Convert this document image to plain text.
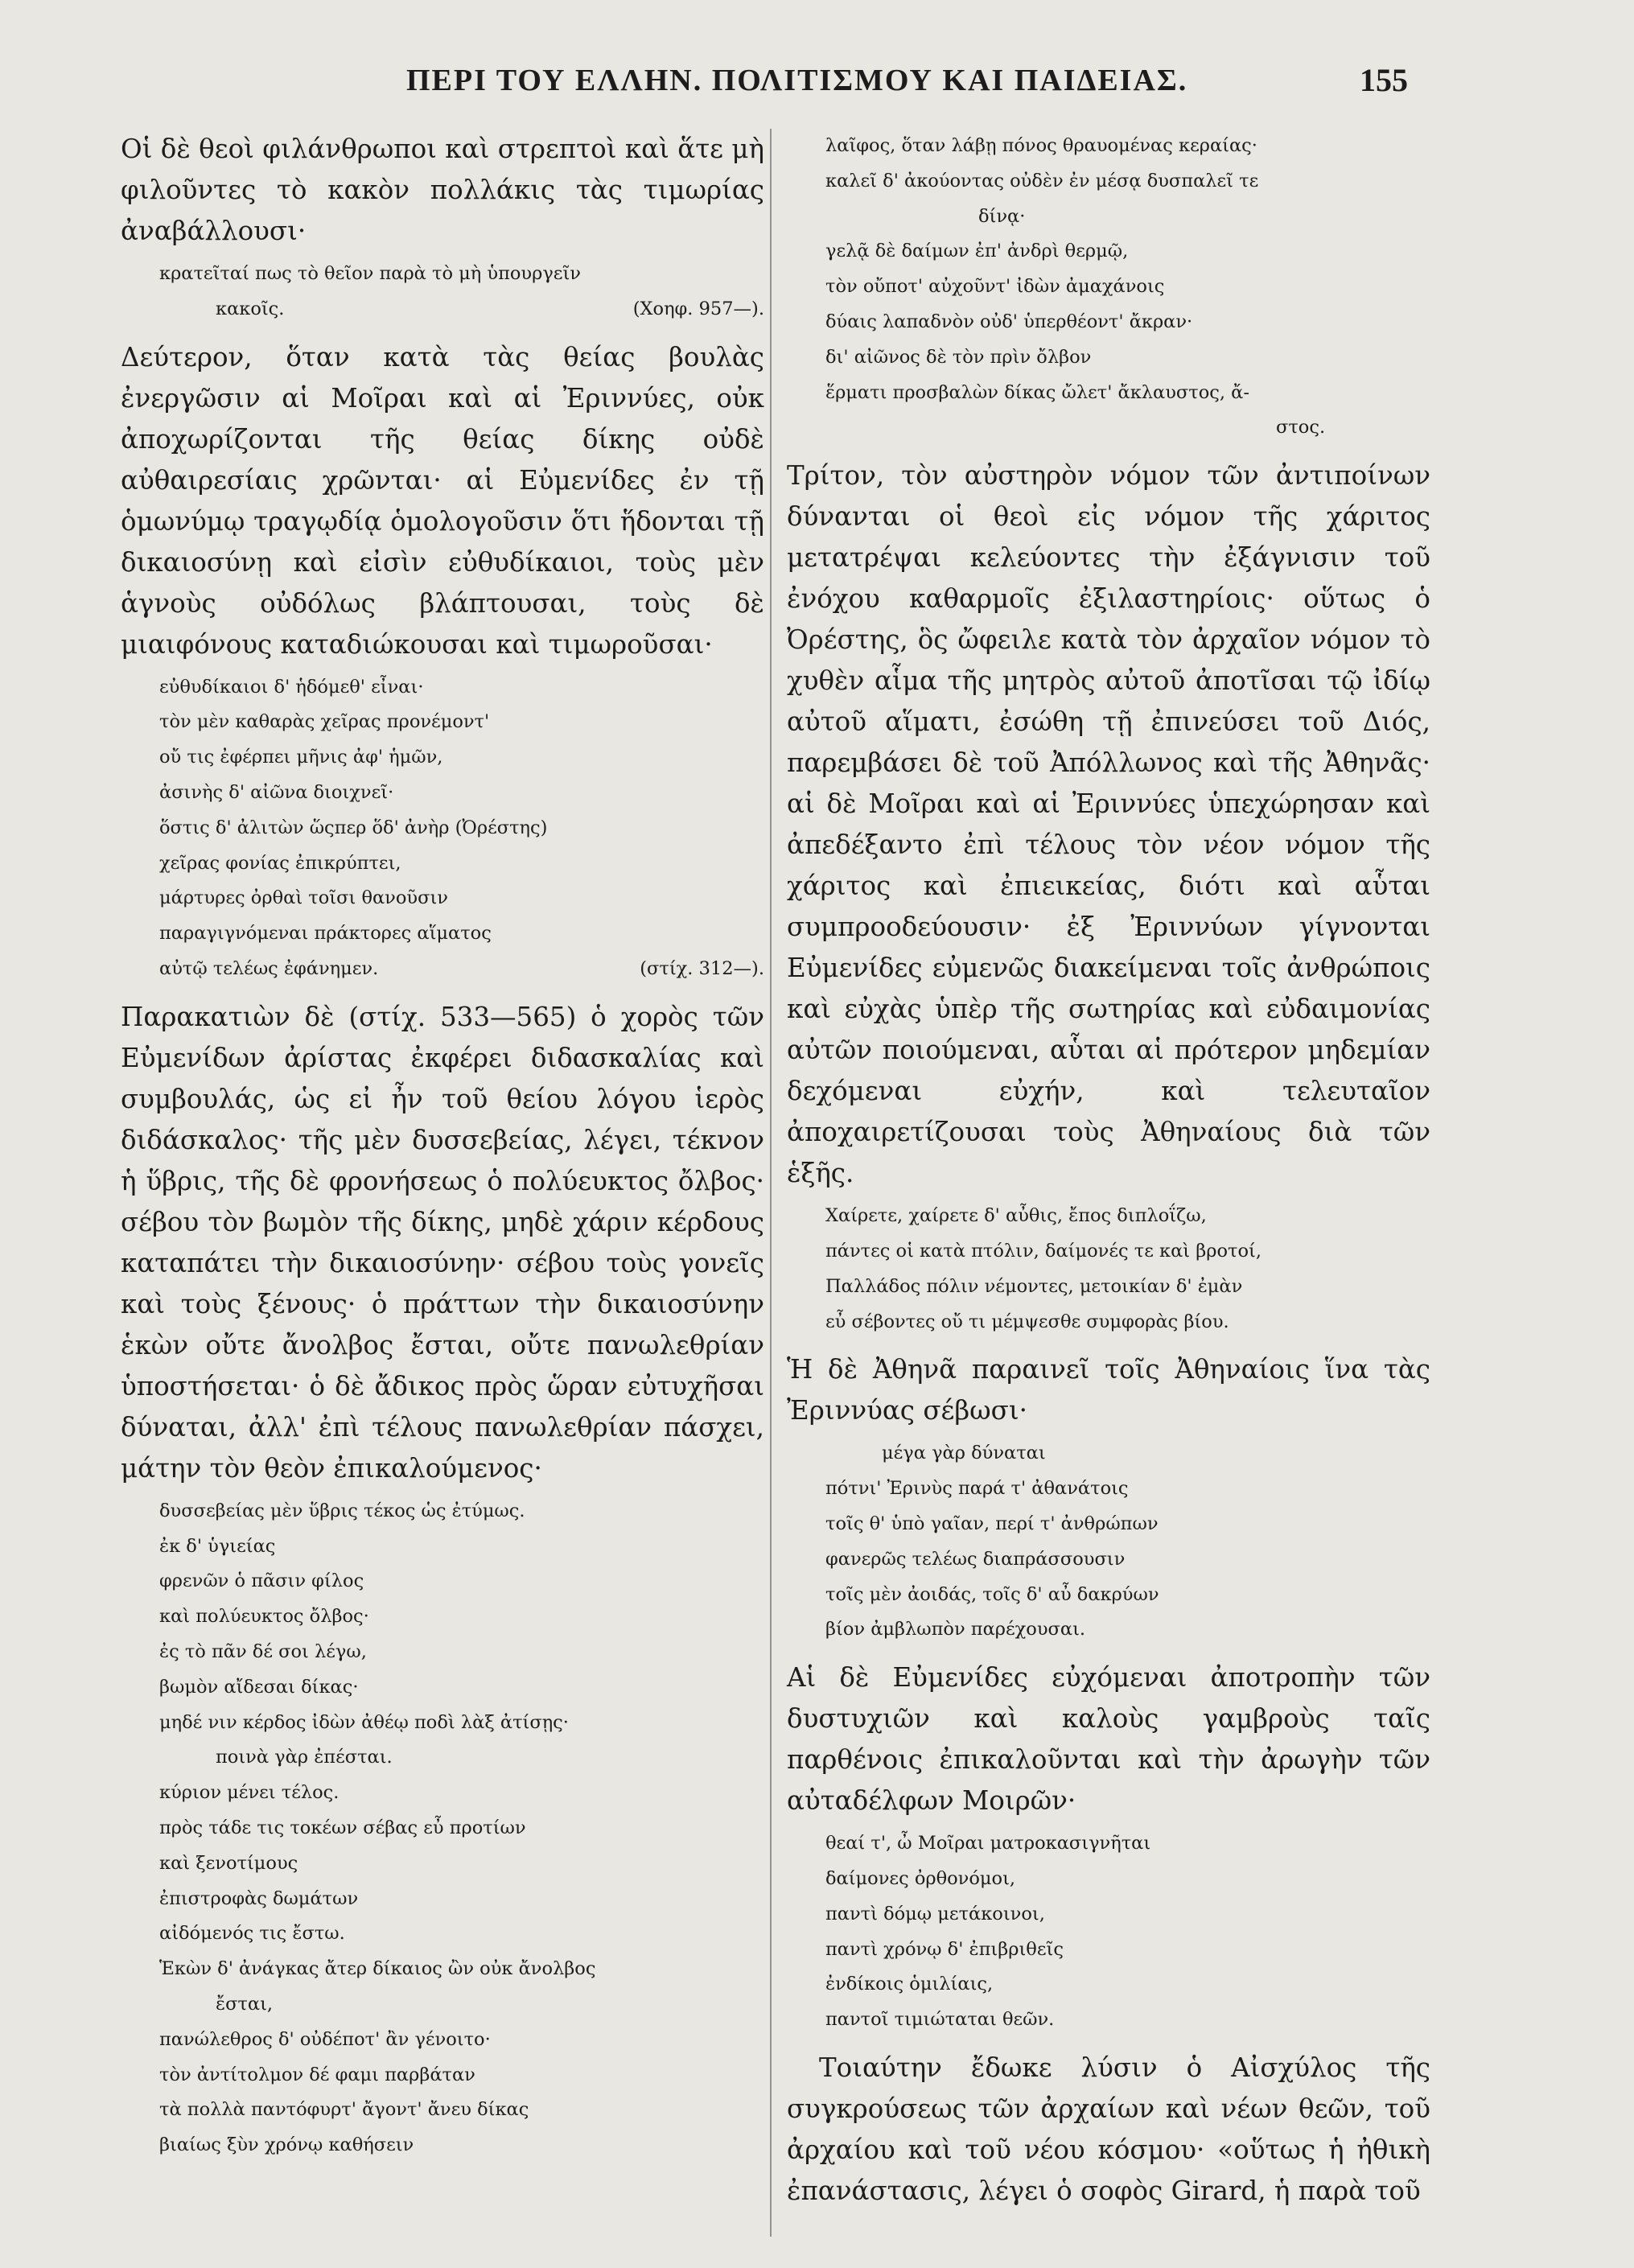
ΠΕΡΙ ΤΟΥ ΕΛΛΗΝ. ΠΟΛΙΤΙΣΜΟΥ ΚΑΙ ΠΑΙΔΕΙΑΣ.	155

Οἱ δὲ θεοὶ φιλάνθρωποι καὶ στρεπτοὶ καὶ ἅτε μὴ φιλοῦντες τὸ κακὸν πολλάκις τὰς τιμωρίας ἀναβάλλουσι·

κρατεῖταί πως τὸ θεῖον παρὰ τὸ μὴ ὑπουργεῖν
κακοῖς.	(Χοηφ. 957—).

Δεύτερον, ὅταν κατὰ τὰς θείας βουλὰς ἐνεργῶσιν αἱ Μοῖραι καὶ αἱ Ἐριννύες, οὐκ ἀποχωρίζονται τῆς θείας δίκης οὐδὲ αὐθαιρεσίαις χρῶνται· αἱ Εὐμενίδες ἐν τῇ ὁμωνύμῳ τραγῳδίᾳ ὁμολογοῦσιν ὅτι ἥδονται τῇ δικαιοσύνῃ καὶ εἰσὶν εὐθυδίκαιοι, τοὺς μὲν ἁγνοὺς οὐδόλως βλάπτουσαι, τοὺς δὲ μιαιφόνους καταδιώκουσαι καὶ τιμωροῦσαι·

εὐθυδίκαιοι δ' ἡδόμεθ' εἶναι·
τὸν μὲν καθαρὰς χεῖρας προνέμοντ'
οὔ τις ἐφέρπει μῆνις ἀφ' ἡμῶν,
ἀσινὴς δ' αἰῶνα διοιχνεῖ·
ὅστις δ' ἀλιτὼν ὥςπερ ὅδ' ἀνὴρ (Ὀρέστης)
χεῖρας φονίας ἐπικρύπτει,
μάρτυρες ὀρθαὶ τοῖσι θανοῦσιν
παραγιγνόμεναι πράκτορες αἵματος
αὐτῷ τελέως ἐφάνημεν.	(στίχ. 312—).

Παρακατιὼν δὲ (στίχ. 533—565) ὁ χορὸς τῶν Εὐμενίδων ἀρίστας ἐκφέρει διδασκαλίας καὶ συμβουλάς, ὡς εἰ ἦν τοῦ θείου λόγου ἱερὸς διδάσκαλος· τῆς μὲν δυσσεβείας, λέγει, τέκνον ἡ ὕβρις, τῆς δὲ φρονήσεως ὁ πολύευκτος ὄλβος· σέβου τὸν βωμὸν τῆς δίκης, μηδὲ χάριν κέρδους καταπάτει τὴν δικαιοσύνην· σέβου τοὺς γονεῖς καὶ τοὺς ξένους· ὁ πράττων τὴν δικαιοσύνην ἑκὼν οὔτε ἄνολβος ἔσται, οὔτε πανωλεθρίαν ὑποστήσεται· ὁ δὲ ἄδικος πρὸς ὥραν εὐτυχῆσαι δύναται, ἀλλ' ἐπὶ τέλους πανωλεθρίαν πάσχει, μάτην τὸν θεὸν ἐπικαλούμενος·

δυσσεβείας μὲν ὕβρις τέκος ὡς ἐτύμως.
ἐκ δ' ὑγιείας
φρενῶν ὁ πᾶσιν φίλος
καὶ πολύευκτος ὄλβος·
ἐς τὸ πᾶν δέ σοι λέγω,
βωμὸν αἴδεσαι δίκας·
μηδέ νιν κέρδος ἰδὼν ἀθέῳ ποδὶ λὰξ ἀτίσῃς·
ποινὰ γὰρ ἐπέσται.
κύριον μένει τέλος.
πρὸς τάδε τις τοκέων σέβας εὖ προτίων
καὶ ξενοτίμους
ἐπιστροφὰς δωμάτων
αἰδόμενός τις ἔστω.
Ἑκὼν δ' ἀνάγκας ἄτερ δίκαιος ὢν οὐκ ἄνολβος
ἔσται,
πανώλεθρος δ' οὐδέποτ' ἂν γένοιτο·
τὸν ἀντίτολμον δέ φαμι παρβάταν
τὰ πολλὰ παντόφυρτ' ἄγοντ' ἄνευ δίκας
βιαίως ξὺν χρόνῳ καθήσειν
λαῖφος, ὅταν λάβῃ πόνος θραυομένας κεραίας·
καλεῖ δ' ἀκούοντας οὐδὲν ἐν μέσᾳ δυσπαλεῖ τε
δίνᾳ·
γελᾷ δὲ δαίμων ἐπ' ἀνδρὶ θερμῷ,
τὸν οὔποτ' αὐχοῦντ' ἰδὼν ἀμαχάνοις
δύαις λαπαδνὸν οὐδ' ὑπερθέοντ' ἄκραν·
δι' αἰῶνος δὲ τὸν πρὶν ὄλβον
ἕρματι προσβαλὼν δίκας ὤλετ' ἄκλαυστος, ἄ-
στος.

Τρίτον, τὸν αὐστηρὸν νόμον τῶν ἀντιποίνων δύνανται οἱ θεοὶ εἰς νόμον τῆς χάριτος μετατρέψαι κελεύοντες τὴν ἐξάγνισιν τοῦ ἐνόχου καθαρμοῖς ἐξιλαστηρίοις· οὕτως ὁ Ὀρέστης, ὃς ὤφειλε κατὰ τὸν ἀρχαῖον νόμον τὸ χυθὲν αἷμα τῆς μητρὸς αὐτοῦ ἀποτῖσαι τῷ ἰδίῳ αὐτοῦ αἵματι, ἐσώθη τῇ ἐπινεύσει τοῦ Διός, παρεμβάσει δὲ τοῦ Ἀπόλλωνος καὶ τῆς Ἀθηνᾶς· αἱ δὲ Μοῖραι καὶ αἱ Ἐριννύες ὑπεχώρησαν καὶ ἀπεδέξαντο ἐπὶ τέλους τὸν νέον νόμον τῆς χάριτος καὶ ἐπιεικείας, διότι καὶ αὗται συμπροοδεύουσιν· ἐξ Ἐριννύων γίγνονται Εὐμενίδες εὐμενῶς διακείμεναι τοῖς ἀνθρώποις καὶ εὐχὰς ὑπὲρ τῆς σωτηρίας καὶ εὐδαιμονίας αὐτῶν ποιούμεναι, αὗται αἱ πρότερον μηδεμίαν δεχόμεναι εὐχήν, καὶ τελευταῖον ἀποχαιρετίζουσαι τοὺς Ἀθηναίους διὰ τῶν ἑξῆς.

Χαίρετε, χαίρετε δ' αὖθις, ἔπος διπλοΐζω,
πάντες οἱ κατὰ πτόλιν, δαίμονές τε καὶ βροτοί,
Παλλάδος πόλιν νέμοντες, μετοικίαν δ' ἐμὰν
εὖ σέβοντες οὔ τι μέμψεσθε συμφορὰς βίου.

Ἡ δὲ Ἀθηνᾶ παραινεῖ τοῖς Ἀθηναίοις ἵνα τὰς Ἐριννύας σέβωσι·

μέγα γὰρ δύναται
πότνι' Ἐρινὺς παρά τ' ἀθανάτοις
τοῖς θ' ὑπὸ γαῖαν, περί τ' ἀνθρώπων
φανερῶς τελέως διαπράσσουσιν
τοῖς μὲν ἀοιδάς, τοῖς δ' αὖ δακρύων
βίον ἀμβλωπὸν παρέχουσαι.

Αἱ δὲ Εὐμενίδες εὐχόμεναι ἀποτροπὴν τῶν δυστυχιῶν καὶ καλοὺς γαμβροὺς ταῖς παρθένοις ἐπικαλοῦνται καὶ τὴν ἀρωγὴν τῶν αὐταδέλφων Μοιρῶν·

θεαί τ', ὦ Μοῖραι ματροκασιγνῆται
δαίμονες ὀρθονόμοι,
παντὶ δόμῳ μετάκοινοι,
παντὶ χρόνῳ δ' ἐπιβριθεῖς
ἐνδίκοις ὁμιλίαις,
παντοῖ τιμιώταται θεῶν.

Τοιαύτην ἔδωκε λύσιν ὁ Αἰσχύλος τῆς συγκρούσεως τῶν ἀρχαίων καὶ νέων θεῶν, τοῦ ἀρχαίου καὶ τοῦ νέου κόσμου· «οὕτως ἡ ἠθικὴ ἐπανάστασις, λέγει ὁ σοφὸς Girard, ἡ παρὰ τοῦ
